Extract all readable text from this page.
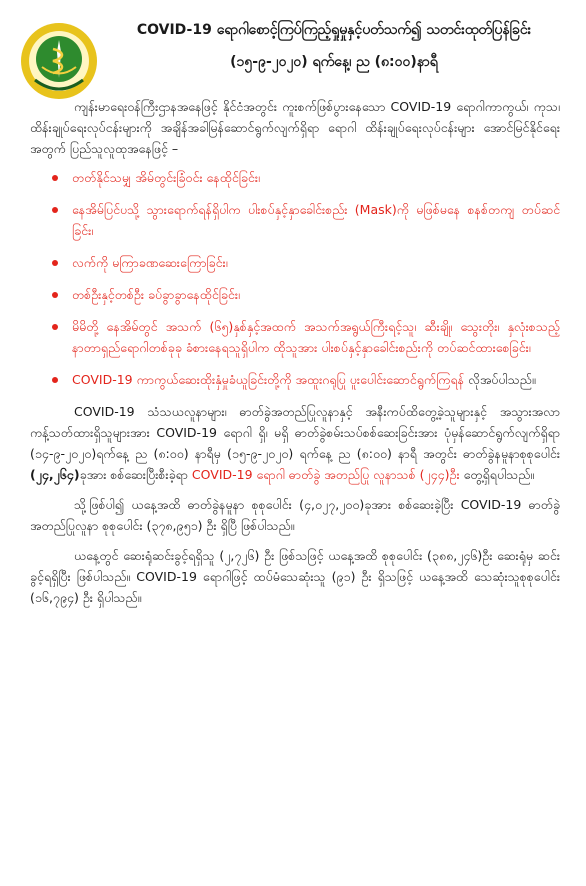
COVID-19 ရောဂါစောင့်ကြပ်ကြည့်ရှုမှုနှင့်ပတ်သက်၍ သတင်းထုတ်ပြန်ခြင်း
(၁၅-၉-၂၀၂၀) ရက်နေ့၊ ည (၈:၀၀)နာရီ

ကျန်းမာရေးဝန်ကြီးဌာနအနေဖြင့် နိုင်ငံအတွင်း ကူးစက်ဖြစ်ပွားနေသော COVID-19 ရောဂါကာကွယ်၊ ကုသ၊ ထိန်းချုပ်ရေးလုပ်ငန်းများကို အချိန်အခါမြန်ဆောင်ရွက်လျက်ရှိရာ ရောဂါ ထိန်းချုပ်ရေးလုပ်ငန်းများ အောင်မြင်နိုင်ရေးအတွက် ပြည်သူလူထုအနေဖြင့် –

တတ်နိုင်သမျှ အိမ်တွင်းခြံဝင်း နေထိုင်ခြင်း၊
နေအိမ်ပြင်ပသို့ သွားရောက်ရန်ရှိပါက ပါးစပ်နှင့်နှာခေါင်းစည်း (Mask)ကို မဖြစ်မနေ စနစ်တကျ တပ်ဆင်ခြင်း၊
လက်ကို မကြာခဏဆေးကြောခြင်း၊
တစ်ဦးနှင့်တစ်ဦး ခပ်ခွာခွာနေထိုင်ခြင်း၊
မိမိတို့ နေအိမ်တွင် အသက် (၆၅)နှစ်နှင့်အထက် အသက်အရွယ်ကြီးရင့်သူ၊ ဆီးချို၊ သွေးတိုး၊ နှလုံးစသည့် နာတာရှည်ရောဂါတစ်ခုခု ခံစားနေရသူရှိပါက ထိုသူအား ပါးစပ်နှင့်နှာခေါင်းစည်းကို တပ်ဆင်ထားစေခြင်း၊
COVID-19 ကာကွယ်ဆေးထိုးနှံမှုခံယူခြင်းတို့ကို အထူးဂရုပြု ပူးပေါင်းဆောင်ရွက်ကြရန် လိုအပ်ပါသည်။

COVID-19 သံသယလူနာများ၊ ဓာတ်ခွဲအတည်ပြုလူနာနှင့် အနီးကပ်ထိတွေ့ခဲ့သူများနှင့် အသွားအလာကန့်သတ်ထားရှိသူများအား COVID-19 ရောဂါ ရှိ၊ မရှိ ဓာတ်ခွဲစမ်းသပ်စစ်ဆေးခြင်းအား ပုံမှန်ဆောင်ရွက်လျက်ရှိရာ (၁၄-၉-၂၀၂၀)ရက်နေ့ ည (၈:၀၀) နာရီမှ (၁၅-၉-၂၀၂၀) ရက်နေ့ ည (၈:၀၀) နာရီ အတွင်း ဓာတ်ခွဲနမူနာစုစုပေါင်း (၂၄,၂၆၄)ခုအား စစ်ဆေးပြီးစီးခဲ့ရာ COVID-19 ရောဂါ ဓာတ်ခွဲ အတည်ပြု လူနာသစ် (၂၄၄)ဦး တွေ့ရှိရပါသည်။

သို့ဖြစ်ပါ၍ ယနေ့အထိ ဓာတ်ခွဲနမူနာ စုစုပေါင်း (၄,၀၂၇,၂၀၀)ခုအား စစ်ဆေးခဲ့ပြီး COVID-19 ဓာတ်ခွဲ အတည်ပြုလူနာ စုစုပေါင်း (၃၇၈,၉၅၁) ဦး ရှိပြီ ဖြစ်ပါသည်။

ယနေ့တွင် ဆေးရုံဆင်းခွင့်ရရှိသူ (၂,၇၂၆) ဦး ဖြစ်သဖြင့် ယနေ့အထိ စုစုပေါင်း (၃၈၈,၂၄၆)ဦး ဆေးရုံမှ ဆင်းခွင့်ရရှိပြီး ဖြစ်ပါသည်။ COVID-19 ရောဂါဖြင့် ထပ်မံသေဆုံးသူ (၉၁) ဦး ရှိသဖြင့် ယနေ့အထိ သေဆုံးသူစုစုပေါင်း (၁၆,၇၉၄) ဦး ရှိပါသည်။
